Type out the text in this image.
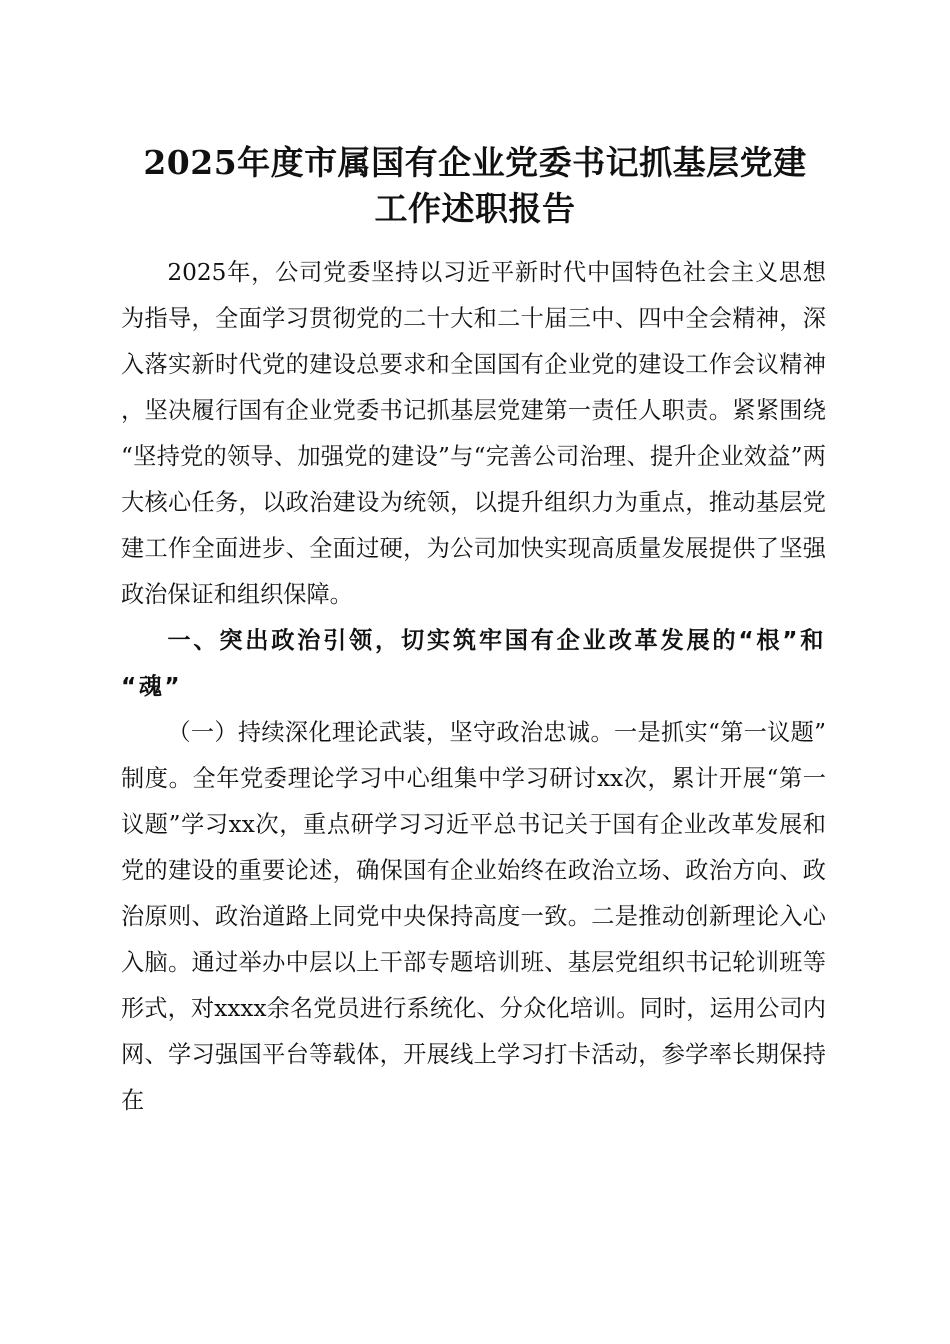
2025年度市属国有企业党委书记抓基层党建
工作述职报告

2025年，公司党委坚持以习近平新时代中国特色社会主义思想为指导，全面学习贯彻党的二十大和二十届三中、四中全会精神，深入落实新时代党的建设总要求和全国国有企业党的建设工作会议精神，坚决履行国有企业党委书记抓基层党建第一责任人职责。紧紧围绕“坚持党的领导、加强党的建设”与“完善公司治理、提升企业效益”两大核心任务，以政治建设为统领，以提升组织力为重点，推动基层党建工作全面进步、全面过硬，为公司加快实现高质量发展提供了坚强政治保证和组织保障。

一、突出政治引领，切实筑牢国有企业改革发展的“根”和“魂”

（一）持续深化理论武装，坚守政治忠诚。一是抓实“第一议题”制度。全年党委理论学习中心组集中学习研讨xx次，累计开展“第一议题”学习xx次，重点研学习习近平总书记关于国有企业改革发展和党的建设的重要论述，确保国有企业始终在政治立场、政治方向、政治原则、政治道路上同党中央保持高度一致。二是推动创新理论入心入脑。通过举办中层以上干部专题培训班、基层党组织书记轮训班等形式，对xxxx余名党员进行系统化、分众化培训。同时，运用公司内网、学习强国平台等载体，开展线上学习打卡活动，参学率长期保持在
